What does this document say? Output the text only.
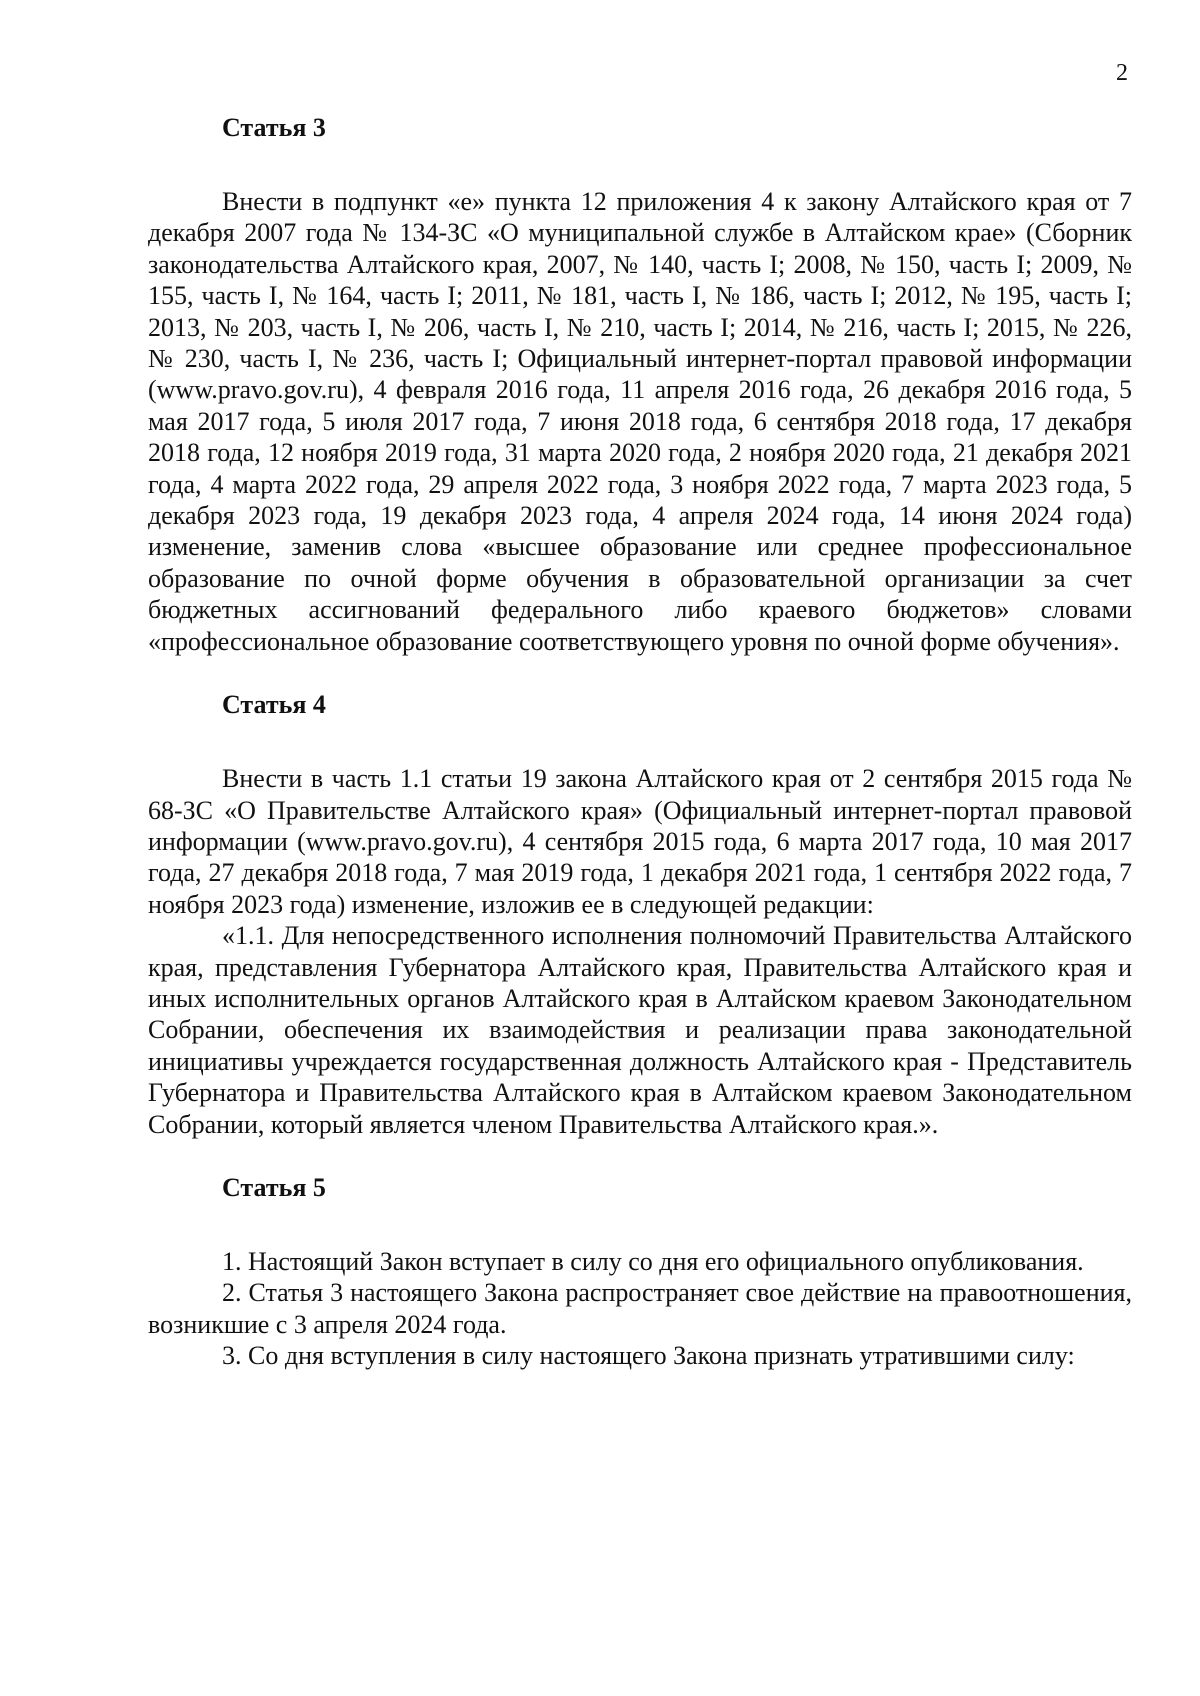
2
Статья 3

Внести в подпункт «е» пункта 12 приложения 4 к закону Алтайского края от 7 декабря 2007 года № 134-ЗС «О муниципальной службе в Алтайском крае» (Сборник законодательства Алтайского края, 2007, № 140, часть I; 2008, № 150, часть I; 2009, № 155, часть I, № 164, часть I; 2011, № 181, часть I, № 186, часть I; 2012, № 195, часть I; 2013, № 203, часть I, № 206, часть I, № 210, часть I; 2014, № 216, часть I; 2015, № 226, № 230, часть I, № 236, часть I; Официальный интернет-портал правовой информации (www.pravo.gov.ru), 4 февраля 2016 года, 11 апреля 2016 года, 26 декабря 2016 года, 5 мая 2017 года, 5 июля 2017 года, 7 июня 2018 года, 6 сентября 2018 года, 17 декабря 2018 года, 12 ноября 2019 года, 31 марта 2020 года, 2 ноября 2020 года, 21 декабря 2021 года, 4 марта 2022 года, 29 апреля 2022 года, 3 ноября 2022 года, 7 марта 2023 года, 5 декабря 2023 года, 19 декабря 2023 года, 4 апреля 2024 года, 14 июня 2024 года) изменение, заменив слова «высшее образование или среднее профессиональное образование по очной форме обучения в образовательной организации за счет бюджетных ассигнований федерального либо краевого бюджетов» словами «профессиональное образование соответствующего уровня по очной форме обучения».

Статья 4

Внести в часть 1.1 статьи 19 закона Алтайского края от 2 сентября 2015 года № 68-ЗС «О Правительстве Алтайского края» (Официальный интернет-портал правовой информации (www.pravo.gov.ru), 4 сентября 2015 года, 6 марта 2017 года, 10 мая 2017 года, 27 декабря 2018 года, 7 мая 2019 года, 1 декабря 2021 года, 1 сентября 2022 года, 7 ноября 2023 года) изменение, изложив ее в следующей редакции:

«1.1. Для непосредственного исполнения полномочий Правительства Алтайского края, представления Губернатора Алтайского края, Правительства Алтайского края и иных исполнительных органов Алтайского края в Алтайском краевом Законодательном Собрании, обеспечения их взаимодействия и реализации права законодательной инициативы учреждается государственная должность Алтайского края - Представитель Губернатора и Правительства Алтайского края в Алтайском краевом Законодательном Собрании, который является членом Правительства Алтайского края.».

Статья 5

1. Настоящий Закон вступает в силу со дня его официального опубликования.

2. Статья 3 настоящего Закона распространяет свое действие на правоотношения, возникшие с 3 апреля 2024 года.

3. Со дня вступления в силу настоящего Закона признать утратившими силу:
